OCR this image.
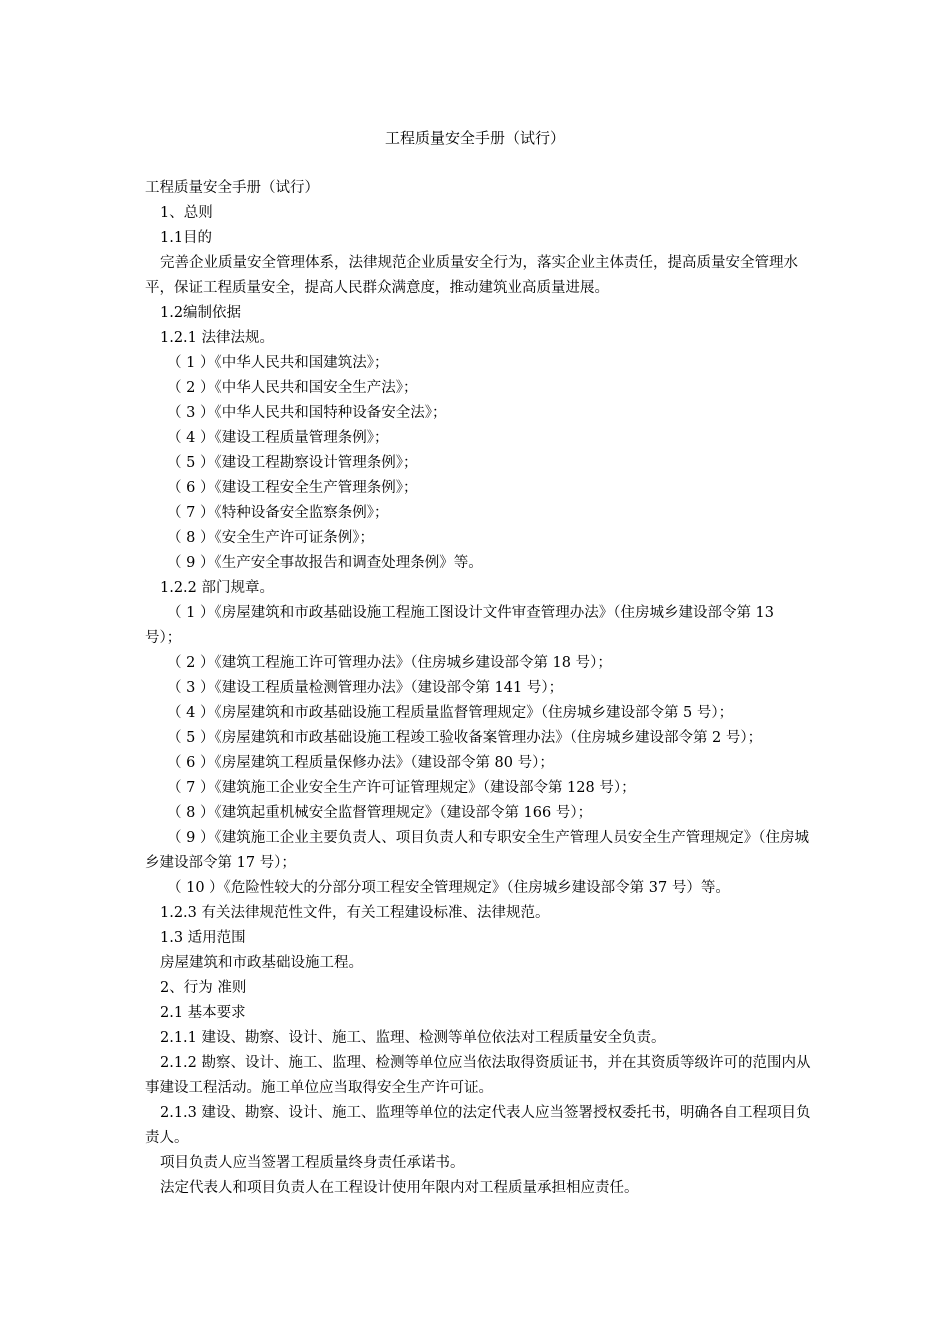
工程质量安全手册（试行）

工程质量安全手册（试行）

1、总则

1.1目的

完善企业质量安全管理体系，法律规范企业质量安全行为，落实企业主体责任，提高质量安全管理水平，保证工程质量安全，提高人民群众满意度，推动建筑业高质量进展。

1.2编制依据

1.2.1 法律法规。

（ 1 ）《中华人民共和国建筑法》；

（ 2 ）《中华人民共和国安全生产法》；

（ 3 ）《中华人民共和国特种设备安全法》；

（ 4 ）《建设工程质量管理条例》；

（ 5 ）《建设工程勘察设计管理条例》；

（ 6 ）《建设工程安全生产管理条例》；

（ 7 ）《特种设备安全监察条例》；

（ 8 ）《安全生产许可证条例》；

（ 9 ）《生产安全事故报告和调查处理条例》等。

1.2.2 部门规章。

（ 1 ）《房屋建筑和市政基础设施工程施工图设计文件审查管理办法》（住房城乡建设部令第 13 号）；

（ 2 ）《建筑工程施工许可管理办法》（住房城乡建设部令第 18 号）；

（ 3 ）《建设工程质量检测管理办法》（建设部令第 141 号）；

（ 4 ）《房屋建筑和市政基础设施工程质量监督管理规定》（住房城乡建设部令第 5 号）；

（ 5 ）《房屋建筑和市政基础设施工程竣工验收备案管理办法》（住房城乡建设部令第 2 号）；

（ 6 ）《房屋建筑工程质量保修办法》（建设部令第 80 号）；

（ 7 ）《建筑施工企业安全生产许可证管理规定》（建设部令第 128 号）；

（ 8 ）《建筑起重机械安全监督管理规定》（建设部令第 166 号）；

（ 9 ）《建筑施工企业主要负责人、项目负责人和专职安全生产管理人员安全生产管理规定》（住房城乡建设部令第 17 号）；

（ 10 ）《危险性较大的分部分项工程安全管理规定》（住房城乡建设部令第 37 号）等。

1.2.3 有关法律规范性文件，有关工程建设标准、法律规范。

1.3 适用范围

房屋建筑和市政基础设施工程。

2、行为 准则

2.1 基本要求

2.1.1 建设、勘察、设计、施工、监理、检测等单位依法对工程质量安全负责。

2.1.2 勘察、设计、施工、监理、检测等单位应当依法取得资质证书，并在其资质等级许可的范围内从事建设工程活动。施工单位应当取得安全生产许可证。

2.1.3 建设、勘察、设计、施工、监理等单位的法定代表人应当签署授权委托书，明确各自工程项目负责人。

项目负责人应当签署工程质量终身责任承诺书。

法定代表人和项目负责人在工程设计使用年限内对工程质量承担相应责任。
